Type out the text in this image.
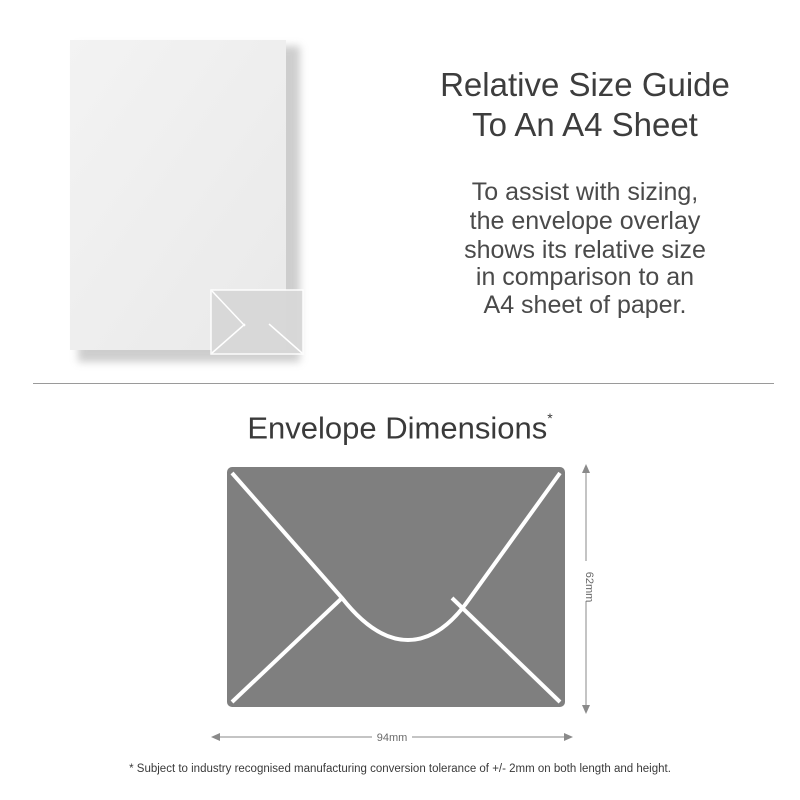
Relative Size Guide
To An A4 Sheet
To assist with sizing,
the envelope overlay
shows its relative size
in comparison to an
A4 sheet of paper.
Envelope Dimensions*
62mm
94mm
* Subject to industry recognised manufacturing conversion tolerance of +/- 2mm on both length and height.
